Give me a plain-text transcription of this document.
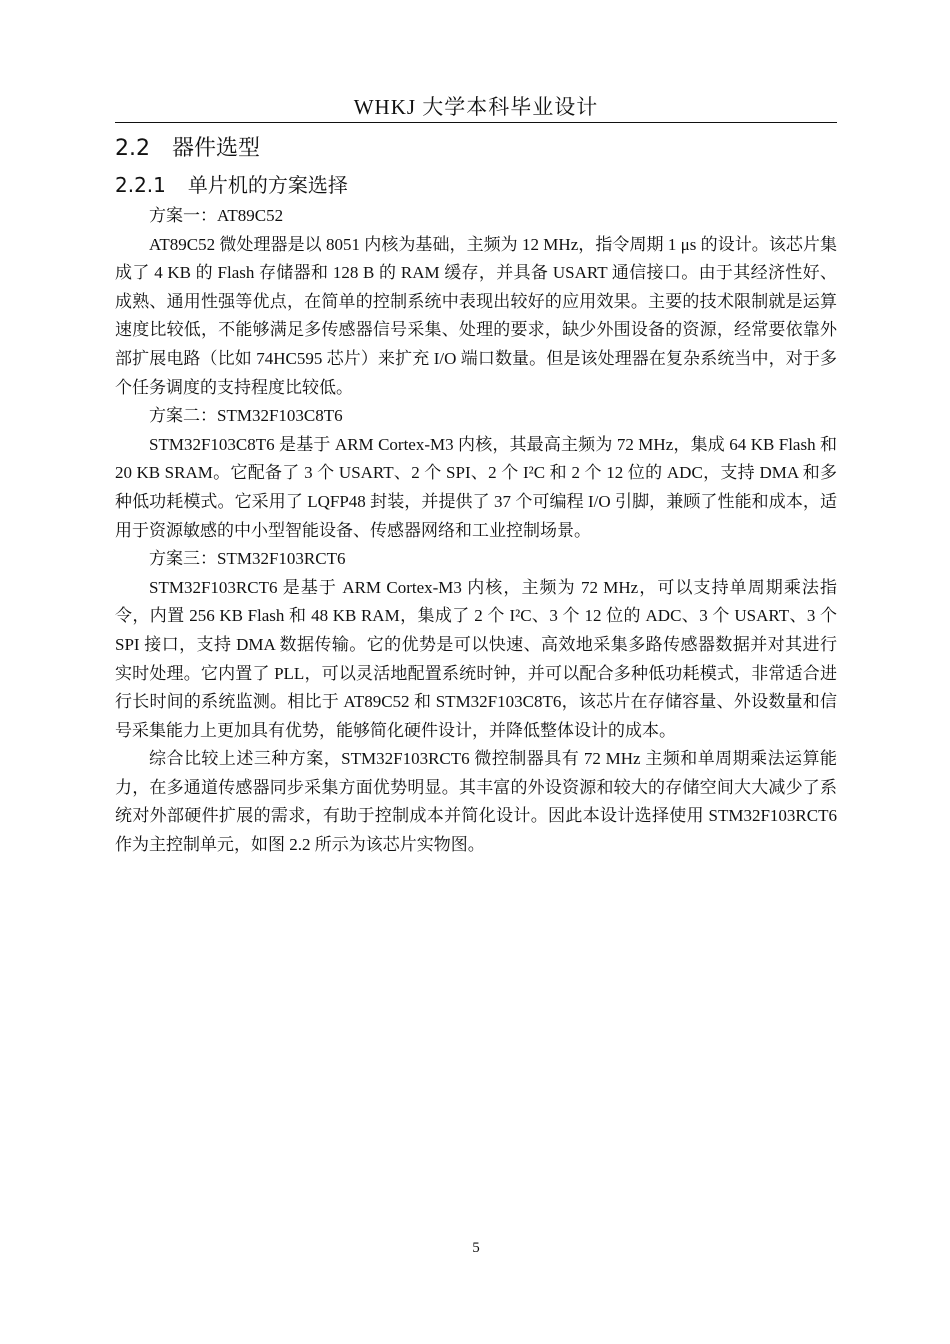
WHKJ 大学本科毕业设计
2.2 器件选型
2.2.1 单片机的方案选择

方案一：AT89C52

AT89C52 微处理器是以 8051 内核为基础，主频为 12 MHz，指令周期 1 μs 的设计。该芯片集成了 4 KB 的 Flash 存储器和 128 B 的 RAM 缓存，并具备 USART 通信接口。由于其经济性好、成熟、通用性强等优点，在简单的控制系统中表现出较好的应用效果。主要的技术限制就是运算速度比较低，不能够满足多传感器信号采集、处理的要求，缺少外围设备的资源，经常要依靠外部扩展电路（比如 74HC595 芯片）来扩充 I/O 端口数量。但是该处理器在复杂系统当中，对于多个任务调度的支持程度比较低。

方案二：STM32F103C8T6

STM32F103C8T6 是基于 ARM Cortex-M3 内核，其最高主频为 72 MHz，集成 64 KB Flash 和 20 KB SRAM。它配备了 3 个 USART、2 个 SPI、2 个 I²C 和 2 个 12 位的 ADC，支持 DMA 和多种低功耗模式。它采用了 LQFP48 封装，并提供了 37 个可编程 I/O 引脚，兼顾了性能和成本，适用于资源敏感的中小型智能设备、传感器网络和工业控制场景。

方案三：STM32F103RCT6

STM32F103RCT6 是基于 ARM Cortex-M3 内核，主频为 72 MHz，可以支持单周期乘法指令，内置 256 KB Flash 和 48 KB RAM，集成了 2 个 I²C、3 个 12 位的 ADC、3 个 USART、3 个 SPI 接口，支持 DMA 数据传输。它的优势是可以快速、高效地采集多路传感器数据并对其进行实时处理。它内置了 PLL，可以灵活地配置系统时钟，并可以配合多种低功耗模式，非常适合进行长时间的系统监测。相比于 AT89C52 和 STM32F103C8T6，该芯片在存储容量、外设数量和信号采集能力上更加具有优势，能够简化硬件设计，并降低整体设计的成本。

综合比较上述三种方案，STM32F103RCT6 微控制器具有 72 MHz 主频和单周期乘法运算能力，在多通道传感器同步采集方面优势明显。其丰富的外设资源和较大的存储空间大大减少了系统对外部硬件扩展的需求，有助于控制成本并简化设计。因此本设计选择使用 STM32F103RCT6 作为主控制单元，如图 2.2 所示为该芯片实物图。

5
